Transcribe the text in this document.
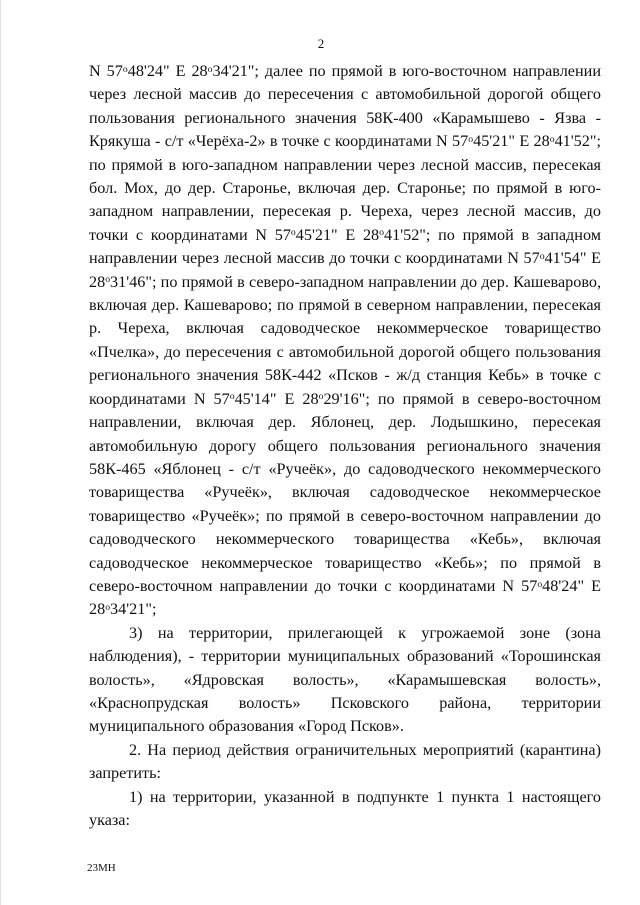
2

N 57$^o$48'24" E 28$^o$34'21"; далее по прямой в юго-восточном направлении через лесной массив до пересечения с автомобильной дорогой общего пользования регионального значения 58К-400 «Карамышево - Язва - Крякуша - с/т «Черёха-2» в точке с координатами N 57$^o$45'21" E 28$^o$41'52"; по прямой в юго-западном направлении через лесной массив, пересекая бол. Мох, до дер. Староньe, включая дер. Староньe; по прямой в юго-западном направлении, пересекая р. Череха, через лесной массив, до точки с координатами N 57$^o$45'21" E 28$^o$41'52"; по прямой в западном направлении через лесной массив до точки с координатами N 57$^o$41'54" E 28$^o$31'46"; по прямой в северо-западном направлении до дер. Кашеварово, включая дер. Кашеварово; по прямой в северном направлении, пересекая р. Череха, включая садоводческое некоммерческое товарищество «Пчелка», до пересечения с автомобильной дорогой общего пользования регионального значения 58К-442 «Псков - ж/д станция Кебь» в точке с координатами N 57$^o$45'14" E 28$^o$29'16"; по прямой в северо-восточном направлении, включая дер. Яблонец, дер. Лодышкино, пересекая автомобильную дорогу общего пользования регионального значения 58К-465 «Яблонец - с/т «Ручеёк», до садоводческого некоммерческого товарищества «Ручеёк», включая садоводческое некоммерческое товарищество «Ручеёк»; по прямой в северо-восточном направлении до садоводческого некоммерческого товарищества «Кебь», включая садоводческое некоммерческое товарищество «Кебь»; по прямой в северо-восточном направлении до точки с координатами N 57$^o$48'24" E 28$^o$34'21";

3) на территории, прилегающей к угрожаемой зоне (зона наблюдения), - территории муниципальных образований «Торошинская волость», «Ядровская волость», «Карамышевская волость», «Краснопрудская волость» Псковского района, территории муниципального образования «Город Псков».

2. На период действия ограничительных мероприятий (карантина) запретить:

1) на территории, указанной в подпункте 1 пункта 1 настоящего указа:

23МН
